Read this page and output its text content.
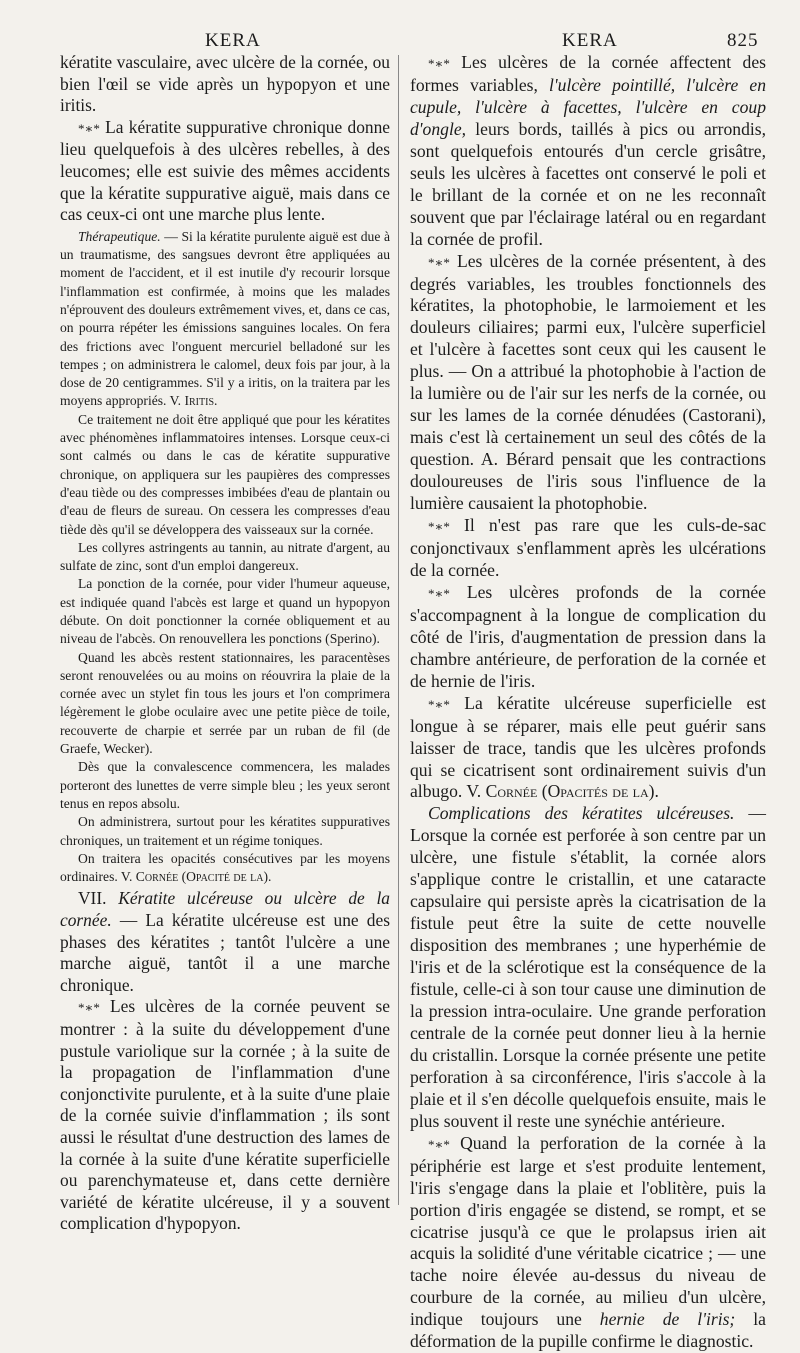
KERA	KERA	825

kératite vasculaire, avec ulcère de la cornée, ou bien l'œil se vide après un hypopyon et une iritis.

*∗* La kératite suppurative chronique donne lieu quelquefois à des ulcères rebelles, à des leucomes; elle est suivie des mêmes accidents que la kératite suppurative aiguë, mais dans ce cas ceux-ci ont une marche plus lente.

Thérapeutique. — Si la kératite purulente aiguë est due à un traumatisme, des sangsues devront être appliquées au moment de l'accident, et il est inutile d'y recourir lorsque l'inflammation est confirmée, à moins que les malades n'éprouvent des douleurs extrêmement vives, et, dans ce cas, on pourra répéter les émissions sanguines locales. On fera des frictions avec l'onguent mercuriel belladoné sur les tempes ; on administrera le calomel, deux fois par jour, à la dose de 20 centigrammes. S'il y a iritis, on la traitera par les moyens appropriés. V. Iritis.

Ce traitement ne doit être appliqué que pour les kératites avec phénomènes inflammatoires intenses. Lorsque ceux-ci sont calmés ou dans le cas de kératite suppurative chronique, on appliquera sur les paupières des compresses d'eau tiède ou des compresses imbibées d'eau de plantain ou d'eau de fleurs de sureau. On cessera les compresses d'eau tiède dès qu'il se développera des vaisseaux sur la cornée.

Les collyres astringents au tannin, au nitrate d'argent, au sulfate de zinc, sont d'un emploi dangereux.

La ponction de la cornée, pour vider l'humeur aqueuse, est indiquée quand l'abcès est large et quand un hypopyon débute. On doit ponctionner la cornée obliquement et au niveau de l'abcès. On renouvellera les ponctions (Sperino).

Quand les abcès restent stationnaires, les paracentèses seront renouvelées ou au moins on réouvrira la plaie de la cornée avec un stylet fin tous les jours et l'on comprimera légèrement le globe oculaire avec une petite pièce de toile, recouverte de charpie et serrée par un ruban de fil (de Graefe, Wecker).

Dès que la convalescence commencera, les malades porteront des lunettes de verre simple bleu ; les yeux seront tenus en repos absolu.

On administrera, surtout pour les kératites suppuratives chroniques, un traitement et un régime toniques.

On traitera les opacités consécutives par les moyens ordinaires. V. Cornée (Opacité de la).

VII. Kératite ulcéreuse ou ulcère de la cornée. — La kératite ulcéreuse est une des phases des kératites ; tantôt l'ulcère a une marche aiguë, tantôt il a une marche chronique.

*∗* Les ulcères de la cornée peuvent se montrer : à la suite du développement d'une pustule variolique sur la cornée ; à la suite de la propagation de l'inflammation d'une conjonctivite purulente, et à la suite d'une plaie de la cornée suivie d'inflammation ; ils sont aussi le résultat d'une destruction des lames de la cornée à la suite d'une kératite superficielle ou parenchymateuse et, dans cette dernière variété de kératite ulcéreuse, il y a souvent complication d'hypopyon.

*∗* Les ulcères de la cornée affectent des formes variables, l'ulcère pointillé, l'ulcère en cupule, l'ulcère à facettes, l'ulcère en coup d'ongle, leurs bords, taillés à pics ou arrondis, sont quelquefois entourés d'un cercle grisâtre, seuls les ulcères à facettes ont conservé le poli et le brillant de la cornée et on ne les reconnaît souvent que par l'éclairage latéral ou en regardant la cornée de profil.

*∗* Les ulcères de la cornée présentent, à des degrés variables, les troubles fonctionnels des kératites, la photophobie, le larmoiement et les douleurs ciliaires; parmi eux, l'ulcère superficiel et l'ulcère à facettes sont ceux qui les causent le plus. — On a attribué la photophobie à l'action de la lumière ou de l'air sur les nerfs de la cornée, ou sur les lames de la cornée dénudées (Castorani), mais c'est là certainement un seul des côtés de la question. A. Bérard pensait que les contractions douloureuses de l'iris sous l'influence de la lumière causaient la photophobie.

*∗* Il n'est pas rare que les culs-de-sac conjonctivaux s'enflamment après les ulcérations de la cornée.

*∗* Les ulcères profonds de la cornée s'accompagnent à la longue de complication du côté de l'iris, d'augmentation de pression dans la chambre antérieure, de perforation de la cornée et de hernie de l'iris.

*∗* La kératite ulcéreuse superficielle est longue à se réparer, mais elle peut guérir sans laisser de trace, tandis que les ulcères profonds qui se cicatrisent sont ordinairement suivis d'un albugo. V. Cornée (Opacités de la).

Complications des kératites ulcéreuses. — Lorsque la cornée est perforée à son centre par un ulcère, une fistule s'établit, la cornée alors s'applique contre le cristallin, et une cataracte capsulaire qui persiste après la cicatrisation de la fistule peut être la suite de cette nouvelle disposition des membranes ; une hyperhémie de l'iris et de la sclérotique est la conséquence de la fistule, celle-ci à son tour cause une diminution de la pression intra-oculaire. Une grande perforation centrale de la cornée peut donner lieu à la hernie du cristallin. Lorsque la cornée présente une petite perforation à sa circonférence, l'iris s'accole à la plaie et il s'en décolle quelquefois ensuite, mais le plus souvent il reste une synéchie antérieure.

*∗* Quand la perforation de la cornée à la périphérie est large et s'est produite lentement, l'iris s'engage dans la plaie et l'oblitère, puis la portion d'iris engagée se distend, se rompt, et se cicatrise jusqu'à ce que le prolapsus irien ait acquis la solidité d'une véritable cicatrice ; — une tache noire élevée au-dessus du niveau de courbure de la cornée, au milieu d'un ulcère, indique toujours une hernie de l'iris; la déformation de la pupille confirme le diagnostic.
